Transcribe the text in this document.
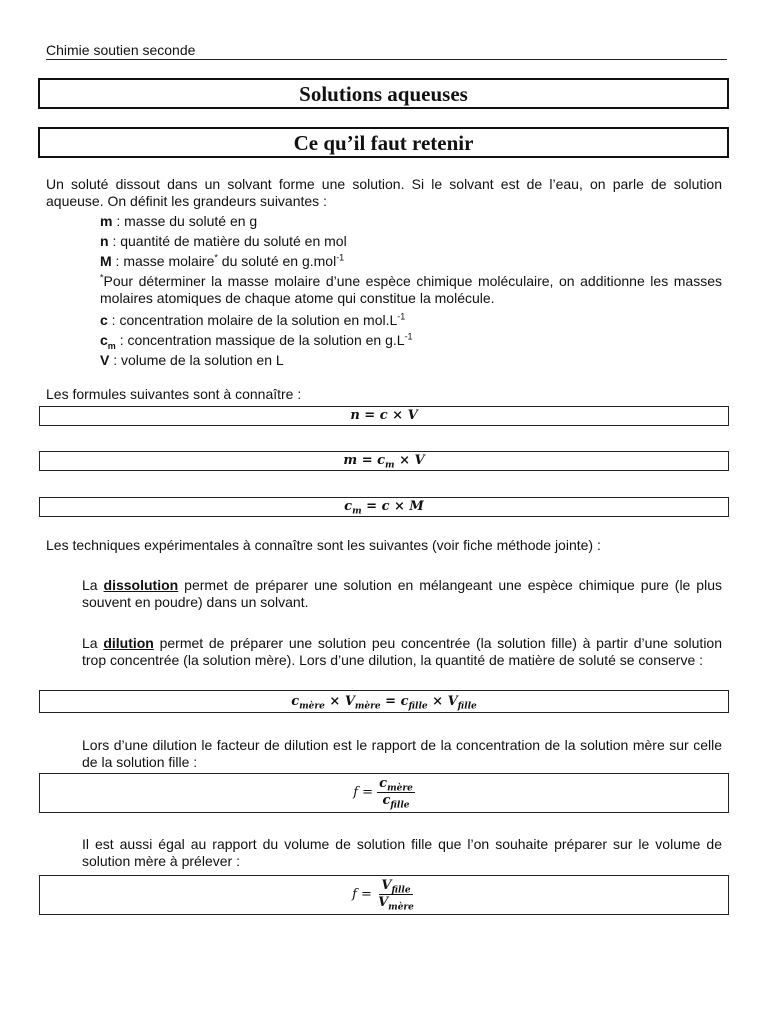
Chimie soutien seconde
Solutions aqueuses
Ce qu’il faut retenir
Un soluté dissout dans un solvant forme une solution. Si le solvant est de l’eau, on parle de solution aqueuse. On définit les grandeurs suivantes :
m : masse du soluté en g
n : quantité de matière du soluté en mol
M : masse molaire* du soluté en g.mol$^{-1}$
*Pour déterminer la masse molaire d’une espèce chimique moléculaire, on additionne les masses molaires atomiques de chaque atome qui constitue la molécule.
c : concentration molaire de la solution en $mol.L^{-1}$
$c_m$ : concentration massique de la solution en $g.L^{-1}$
V : volume de la solution en L
Les formules suivantes sont à connaître :
n = c × V
$m = c_m \times V$
$c_m = c \times M$
Les techniques expérimentales à connaître sont les suivantes (voir fiche méthode jointe) :
La dissolution permet de préparer une solution en mélangeant une espèce chimique pure (le plus souvent en poudre) dans un solvant.
La dilution permet de préparer une solution peu concentrée (la solution fille) à partir d’une solution trop concentrée (la solution mère). Lors d’une dilution, la quantité de matière de soluté se conserve :
$c_{mère} \times V_{mère} = c_{fille} \times V_{fille}$
Lors d’une dilution le facteur de dilution est le rapport de la concentration de la solution mère sur celle de la solution fille :
$f = \frac{c_{mère}}{c_{fille}}$
Il est aussi égal au rapport du volume de solution fille que l’on souhaite préparer sur le volume de solution mère à prélever :
$f = \frac{V_{fille}}{V_{mère}}$
